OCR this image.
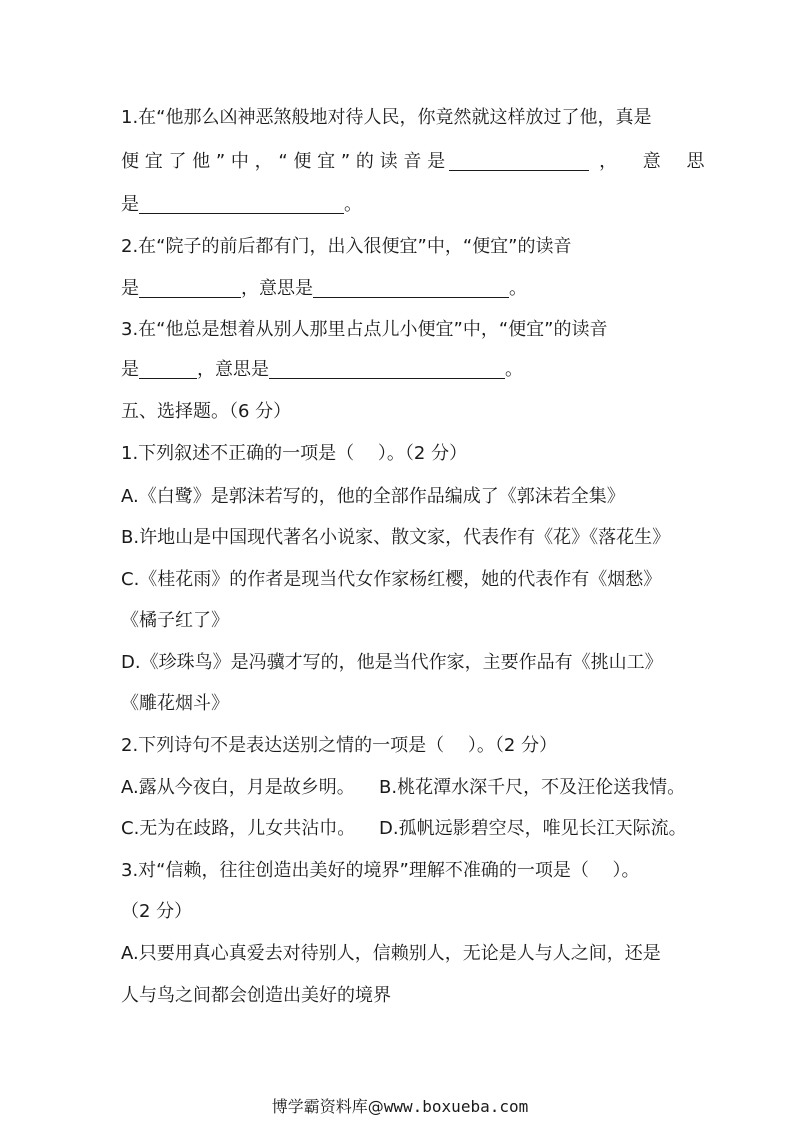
1.在“他那么凶神恶煞般地对待人民，你竟然就这样放过了他，真是

便 宜 了 他 ” 中 ， “ 便 宜 ” 的 读 音 是	， 意 思

是	。

2.在“院子的前后都有门，出入很便宜”中，“便宜”的读音

是	，意思是	。

3.在“他总是想着从别人那里占点儿小便宜”中，“便宜”的读音

是	，意思是	。

五、选择题。（6 分）

1.下列叙述不正确的一项是（　 ）。（2 分）

A.《白鹭》是郭沫若写的，他的全部作品编成了《郭沫若全集》

B.许地山是中国现代著名小说家、散文家，代表作有《花》《落花生》

C.《桂花雨》的作者是现当代女作家杨红樱，她的代表作有《烟愁》

《橘子红了》

D.《珍珠鸟》是冯骥才写的，他是当代作家，主要作品有《挑山工》

《雕花烟斗》

2.下列诗句不是表达送别之情的一项是（　 ）。（2 分）

A.露从今夜白，月是故乡明。 B.桃花潭水深千尺，不及汪伦送我情。

C.无为在歧路，儿女共沾巾。 D.孤帆远影碧空尽，唯见长江天际流。

3.对“信赖，往往创造出美好的境界”理解不准确的一项是（　 ）。

（2 分）

A.只要用真心真爱去对待别人，信赖别人，无论是人与人之间，还是

人与鸟之间都会创造出美好的境界

博学霸资料库@www.boxueba.com
